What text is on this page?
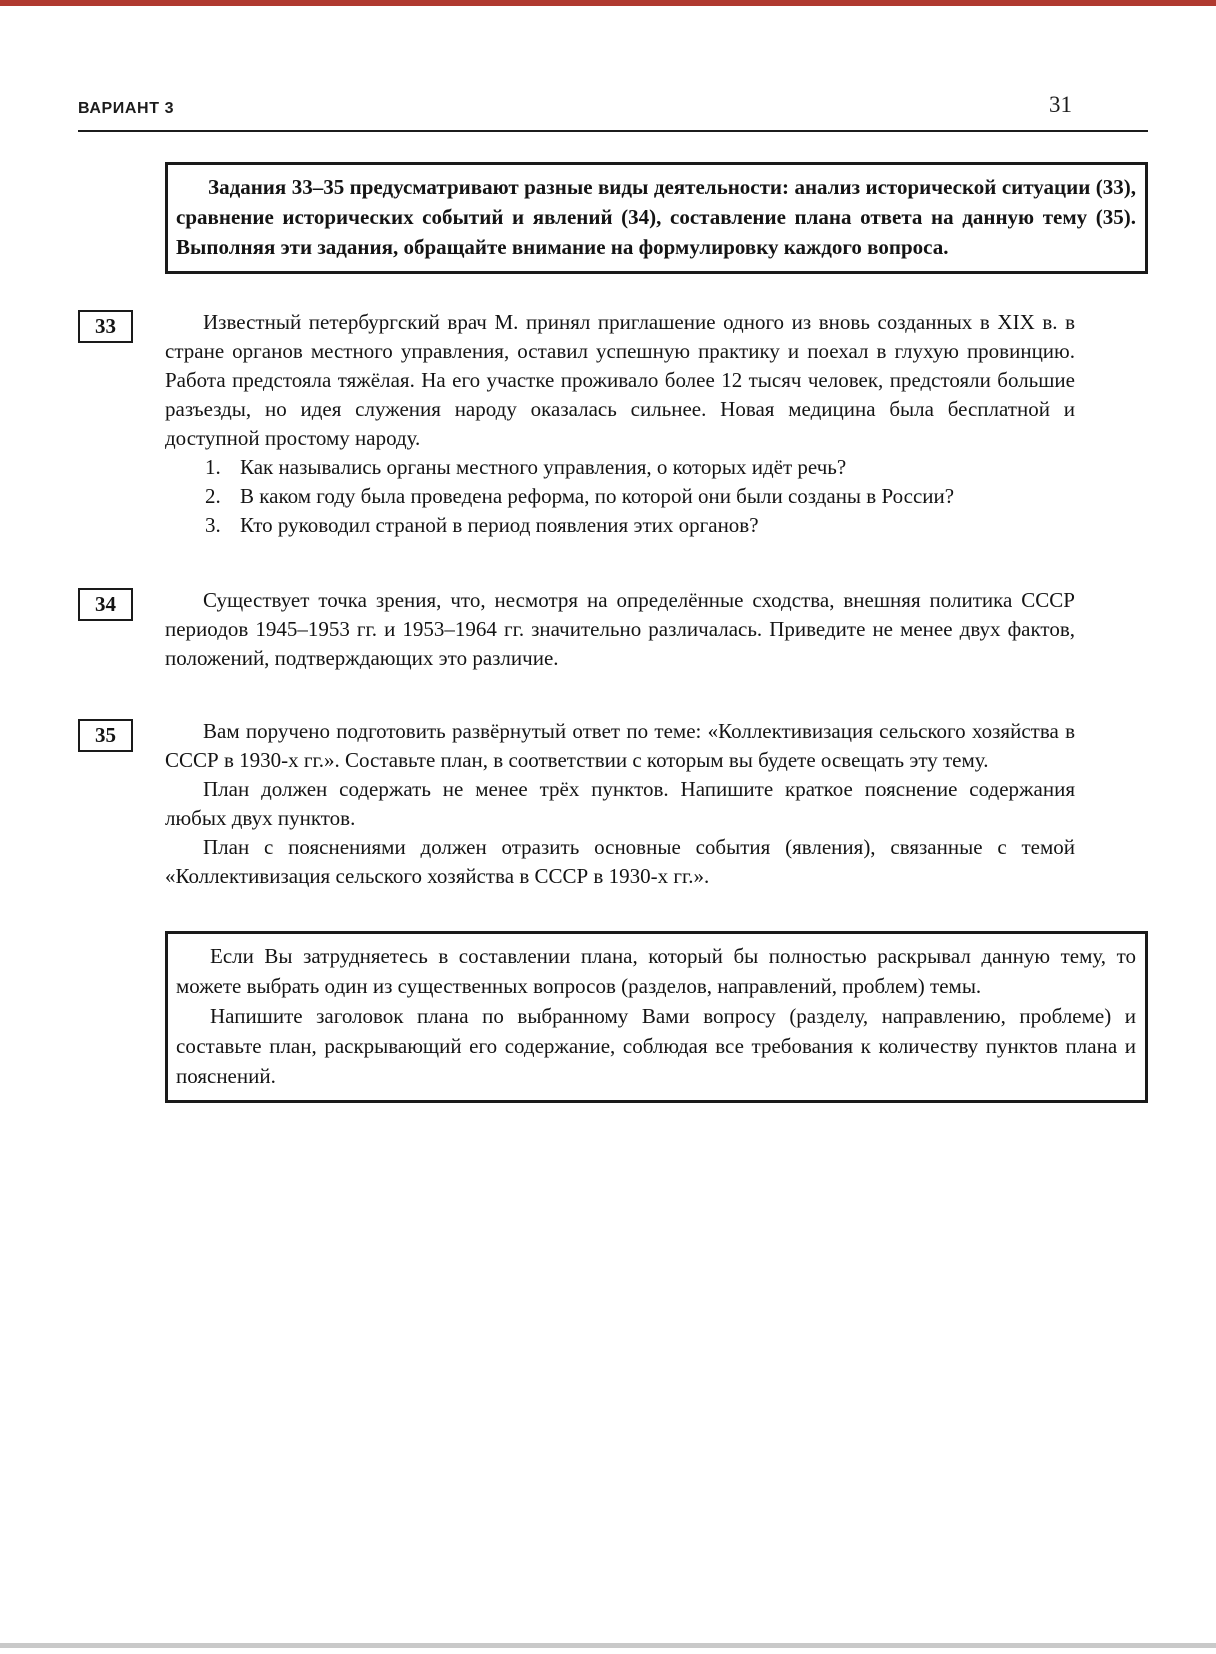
ВАРИАНТ 3	31

Задания 33–35 предусматривают разные виды деятельности: анализ исторической ситуации (33), сравнение исторических событий и явлений (34), составление плана ответа на данную тему (35). Выполняя эти задания, обращайте внимание на формулировку каждого вопроса.

33	Известный петербургский врач М. принял приглашение одного из вновь созданных в XIX в. в стране органов местного управления, оставил успешную практику и поехал в глухую провинцию. Работа предстояла тяжёлая. На его участке проживало более 12 тысяч человек, предстояли большие разъезды, но идея служения народу оказалась сильнее. Новая медицина была бесплатной и доступной простому народу.

1. Как назывались органы местного управления, о которых идёт речь?
2. В каком году была проведена реформа, по которой они были созданы в России?
3. Кто руководил страной в период появления этих органов?
34	Существует точка зрения, что, несмотря на определённые сходства, внешняя политика СССР периодов 1945–1953 гг. и 1953–1964 гг. значительно различалась. Приведите не менее двух фактов, положений, подтверждающих это различие.

35	Вам поручено подготовить развёрнутый ответ по теме: «Коллективизация сельского хозяйства в СССР в 1930-х гг.». Составьте план, в соответствии с которым вы будете освещать эту тему.

План должен содержать не менее трёх пунктов. Напишите краткое пояснение содержания любых двух пунктов.

План с пояснениями должен отразить основные события (явления), связанные с темой «Коллективизация сельского хозяйства в СССР в 1930-х гг.».

Если Вы затрудняетесь в составлении плана, который бы полностью раскрывал данную тему, то можете выбрать один из существенных вопросов (разделов, направлений, проблем) темы.

Напишите заголовок плана по выбранному Вами вопросу (разделу, направлению, проблеме) и составьте план, раскрывающий его содержание, соблюдая все требования к количеству пунктов плана и пояснений.
